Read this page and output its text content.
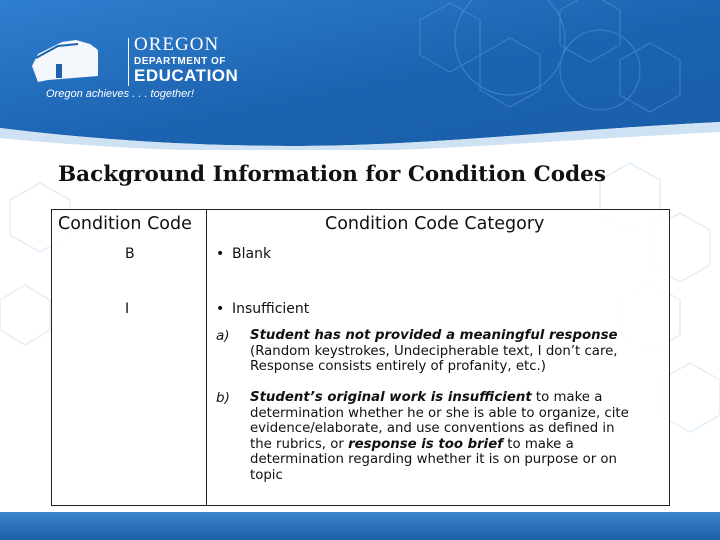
OREGON
DEPARTMENT OF
EDUCATION
Oregon achieves . . . together!
Background Information for Condition Codes
Condition Code	Condition Code Category
B	• Blank
I	• Insufficient
a) Student has not provided a meaningful response
(Random keystrokes, Undecipherable text, I don’t care,
Response consists entirely of profanity, etc.)
b) Student’s original work is insufficient to make a
determination whether he or she is able to organize, cite
evidence/elaborate, and use conventions as defined in
the rubrics, or response is too brief to make a
determination regarding whether it is on purpose or on
topic
